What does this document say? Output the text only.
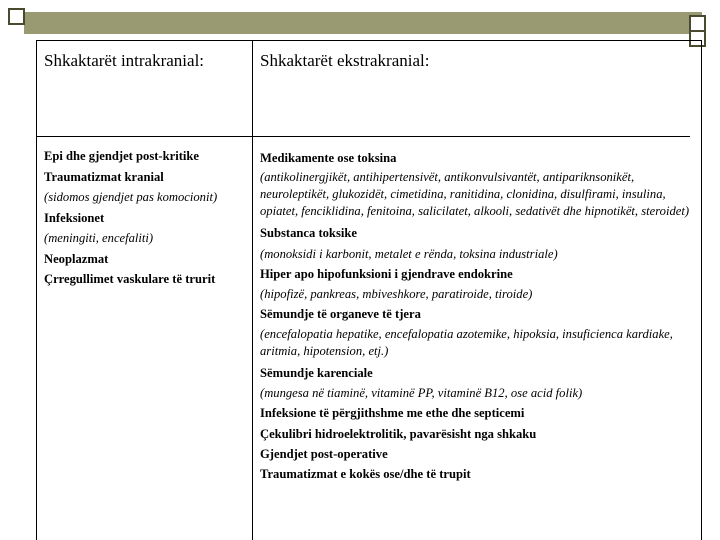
Shkaktarët intrakranial:	Shkaktarët ekstrakranial:
Epi dhe gjendjet post-kritike
Traumatizmat kranial
(sidomos gjendjet pas komocionit)
Infeksionet
(meningiti, encefaliti)
Neoplazmat
Çrregullimet vaskulare të trurit
Medikamente ose toksina
(antikolinergjikët, antihipertensivët, antikonvulsivantët, antipariknsonikët, neuroleptikët, glukozidët, cimetidina, ranitidina, clonidina, disulfirami, insulina, opiatet, fenciklidina, fenitoina, salicilatet, alkooli, sedativët dhe hipnotikët, steroidet)
Substanca toksike
(monoksidi i karbonit, metalet e rënda, toksina industriale)
Hiper apo hipofunksioni i gjendrave endokrine
(hipofizë, pankreas, mbiveshkore, paratiroide, tiroide)
Sëmundje të organeve të tjera
(encefalopatia hepatike, encefalopatia azotemike, hipoksia, insuficienca kardiake, aritmia, hipotension, etj.)
Sëmundje karenciale
(mungesa në tiaminë, vitaminë PP, vitaminë B12, ose acid folik)
Infeksione të përgjithshme me ethe dhe septicemi
Çekulibri hidroelektrolitik, pavarësisht nga shkaku
Gjendjet post-operative
Traumatizmat e kokës ose/dhe të trupit
